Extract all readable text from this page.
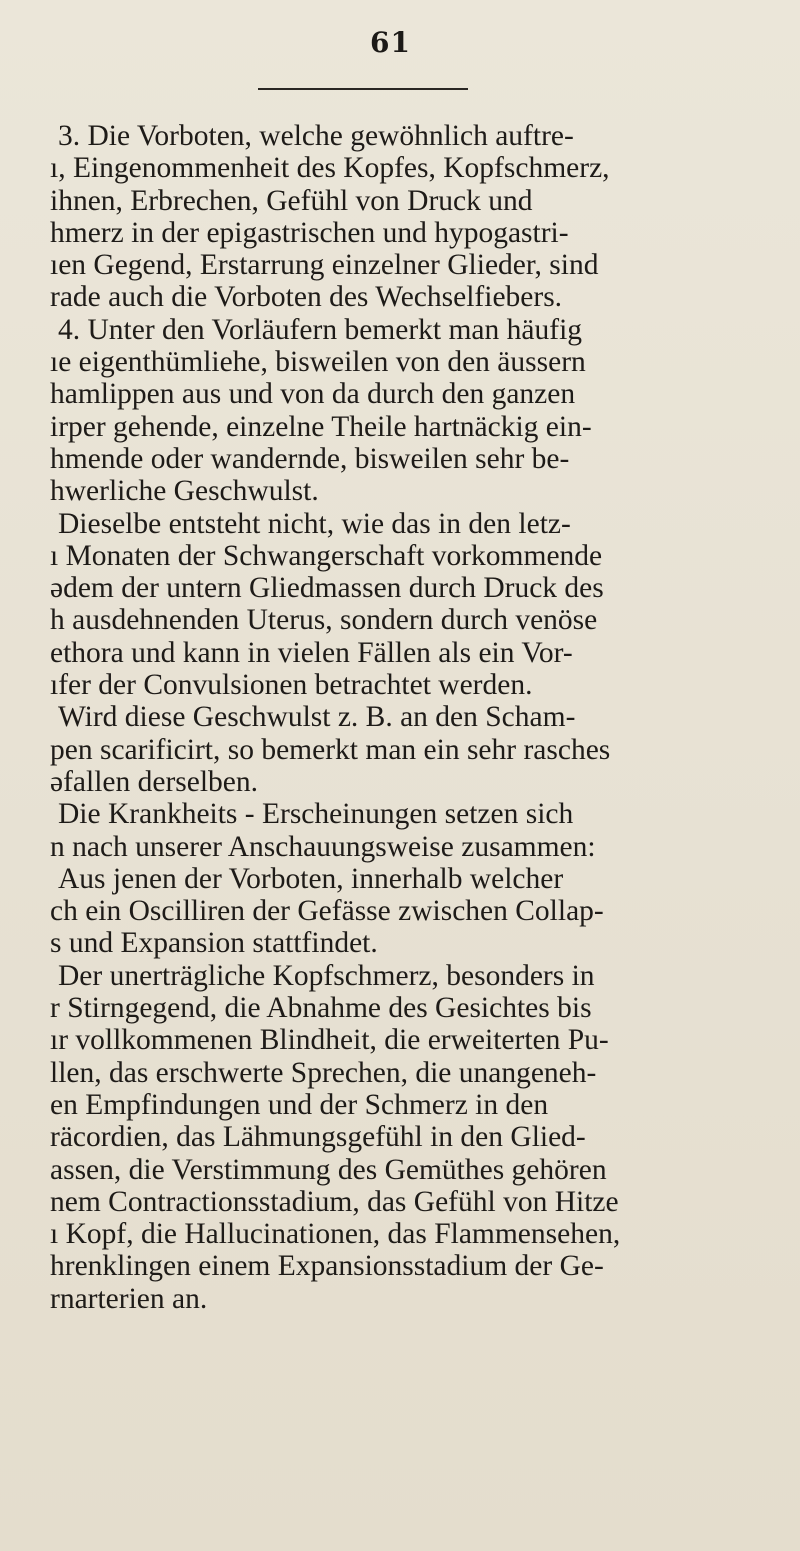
61
3. Die Vorboten, welche gewöhnlich auftre-
ı, Eingenommenheit des Kopfes, Kopfschmerz,
ihnen, Erbrechen, Gefühl von Druck und
hmerz in der epigastrischen und hypogastri-
ıen Gegend, Erstarrung einzelner Glieder, sind
rade auch die Vorboten des Wechselfiebers.
4. Unter den Vorläufern bemerkt man häufig
ıe eigenthümliehe, bisweilen von den äussern
hamlippen aus und von da durch den ganzen
irper gehende, einzelne Theile hartnäckig ein-
hmende oder wandernde, bisweilen sehr be-
hwerliche Geschwulst.
Dieselbe entsteht nicht, wie das in den letz-
ı Monaten der Schwangerschaft vorkommende
ədem der untern Gliedmassen durch Druck des
h ausdehnenden Uterus, sondern durch venöse
ethora und kann in vielen Fällen als ein Vor-
ıfer der Convulsionen betrachtet werden.
Wird diese Geschwulst z. B. an den Scham-
pen scarificirt, so bemerkt man ein sehr rasches
əfallen derselben.
Die Krankheits - Erscheinungen setzen sich
n nach unserer Anschauungsweise zusammen:
Aus jenen der Vorboten, innerhalb welcher
ch ein Oscilliren der Gefässe zwischen Collap-
s und Expansion stattfindet.
Der unerträgliche Kopfschmerz, besonders in
r Stirngegend, die Abnahme des Gesichtes bis
ır vollkommenen Blindheit, die erweiterten Pu-
llen, das erschwerte Sprechen, die unangeneh-
en Empfindungen und der Schmerz in den
räcordien, das Lähmungsgefühl in den Glied-
assen, die Verstimmung des Gemüthes gehören
nem Contractionsstadium, das Gefühl von Hitze
ı Kopf, die Hallucinationen, das Flammensehen,
hrenklingen einem Expansionsstadium der Ge-
rnarterien an.
